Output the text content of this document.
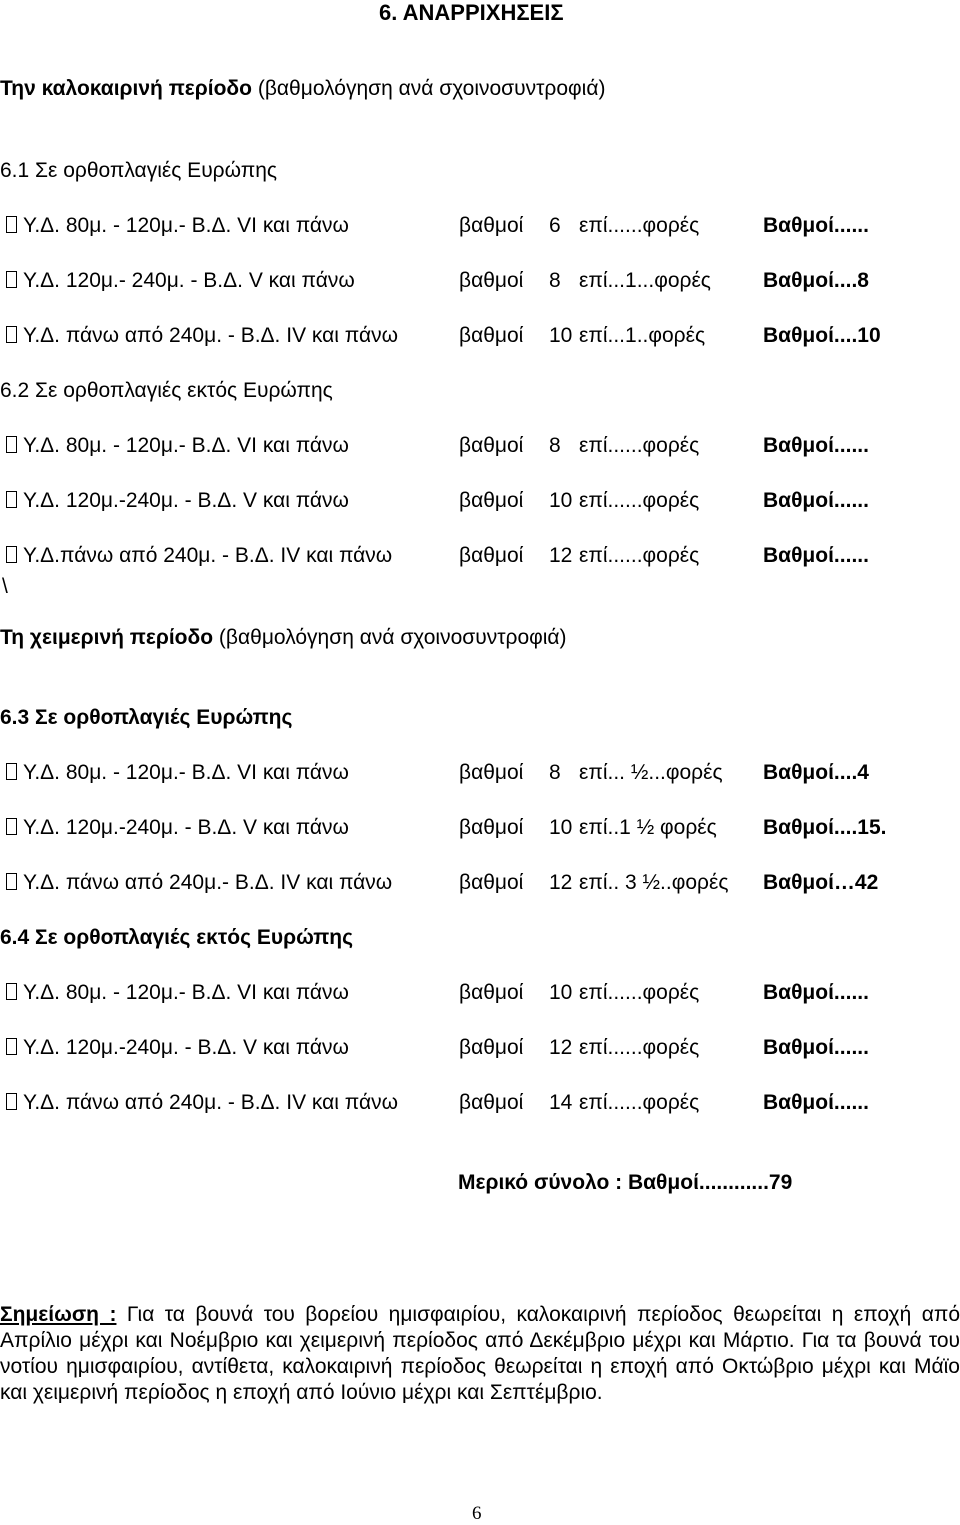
6. ΑΝΑΡΡΙΧΗΣΕΙΣ
Την καλοκαιρινή περίοδο (βαθμολόγηση ανά σχοινοσυντροφιά)
6.1 Σε ορθοπλαγιές Ευρώπης
Υ.Δ. 80μ. - 120μ.- Β.Δ. VI και πάνω	βαθμοί 6 επί......φορές	Βαθμοί......
Υ.Δ. 120μ.- 240μ. - Β.Δ. V και πάνω	βαθμοί 8 επί...1...φορές Βαθμοί....8
Υ.Δ. πάνω από 240μ. - Β.Δ. IV και πάνω	βαθμοί 10 επί...1..φορές	Βαθμοί....10
6.2 Σε ορθοπλαγιές εκτός Ευρώπης
Υ.Δ. 80μ. - 120μ.- Β.Δ. VI και πάνω	βαθμοί 8 επί......φορές	Βαθμοί......
Υ.Δ. 120μ.-240μ. - Β.Δ. V και πάνω	βαθμοί 10 επί......φορές	Βαθμοί......
Υ.Δ.πάνω από 240μ. - Β.Δ. IV και πάνω	βαθμοί 12 επί......φορές	Βαθμοί......
\
Τη χειμερινή περίοδο (βαθμολόγηση ανά σχοινοσυντροφιά)
6.3 Σε ορθοπλαγιές Ευρώπης
Υ.Δ. 80μ. - 120μ.- Β.Δ. VI και πάνω	βαθμοί 8 επί... ½...φορές Βαθμοί....4
Υ.Δ. 120μ.-240μ. - Β.Δ. V και πάνω	βαθμοί 10 επί..1 ½ φορές Βαθμοί....15.
Υ.Δ. πάνω από 240μ.- Β.Δ. IV και πάνω	βαθμοί 12 επί.. 3 ½..φορές Βαθμοί…42
6.4 Σε ορθοπλαγιές εκτός Ευρώπης
Υ.Δ. 80μ. - 120μ.- Β.Δ. VI και πάνω	βαθμοί 10 επί......φορές	Βαθμοί......
Υ.Δ. 120μ.-240μ. - Β.Δ. V και πάνω	βαθμοί 12 επί......φορές	Βαθμοί......
Υ.Δ. πάνω από 240μ. - Β.Δ. IV και πάνω	βαθμοί 14 επί......φορές	Βαθμοί......
Μερικό σύνολο : Βαθμοί............79
Σημείωση : Για τα βουνά του βορείου ημισφαιρίου, καλοκαιρινή περίοδος θεωρείται η εποχή από Απρίλιο μέχρι και Νοέμβριο και χειμερινή περίοδος από Δεκέμβριο μέχρι και Μάρτιο. Για τα βουνά του νοτίου ημισφαιρίου, αντίθετα, καλοκαιρινή περίοδος θεωρείται η εποχή από Οκτώβριο μέχρι και Μάϊο και χειμερινή περίοδος η εποχή από Ιούνιο μέχρι και Σεπτέμβριο.
6
